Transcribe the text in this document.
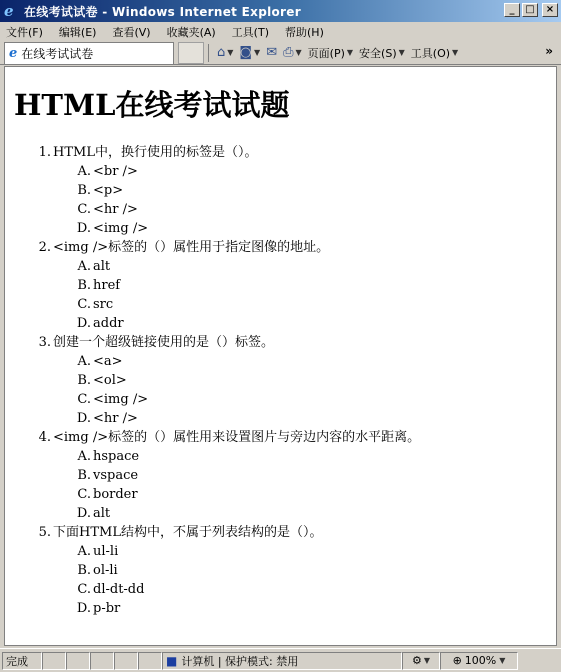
e 在线考试试卷 - Windows Internet Explorer	_	□	×
文件(F) 编辑(E) 查看(V) 收藏夹(A) 工具(T) 帮助(H)
e 在线考试试卷	⌂ ▼ ◙ ▼ ✉ ⎙ ▼ 页面(P) ▼ 安全(S) ▼ 工具(O) ▼	»
HTML在线考试试题
1. HTML中，换行使用的标签是（）。
A. <br />
B. <p>
C. <hr />
D. <img />
2. <img />标签的（）属性用于指定图像的地址。
A. alt
B. href
C. src
D. addr
3. 创建一个超级链接使用的是（）标签。
A. <a>
B. <ol>
C. <img />
D. <hr />
4. <img />标签的（）属性用来设置图片与旁边内容的水平距离。
A. hspace
B. vspace
C. border
D. alt
5. 下面HTML结构中，不属于列表结构的是（）。
A. ul-li
B. ol-li
C. dl-dt-dd
D. p-br
完成	■ 计算机 | 保护模式: 禁用	⚙ ▼ ⊕ 100% ▼
